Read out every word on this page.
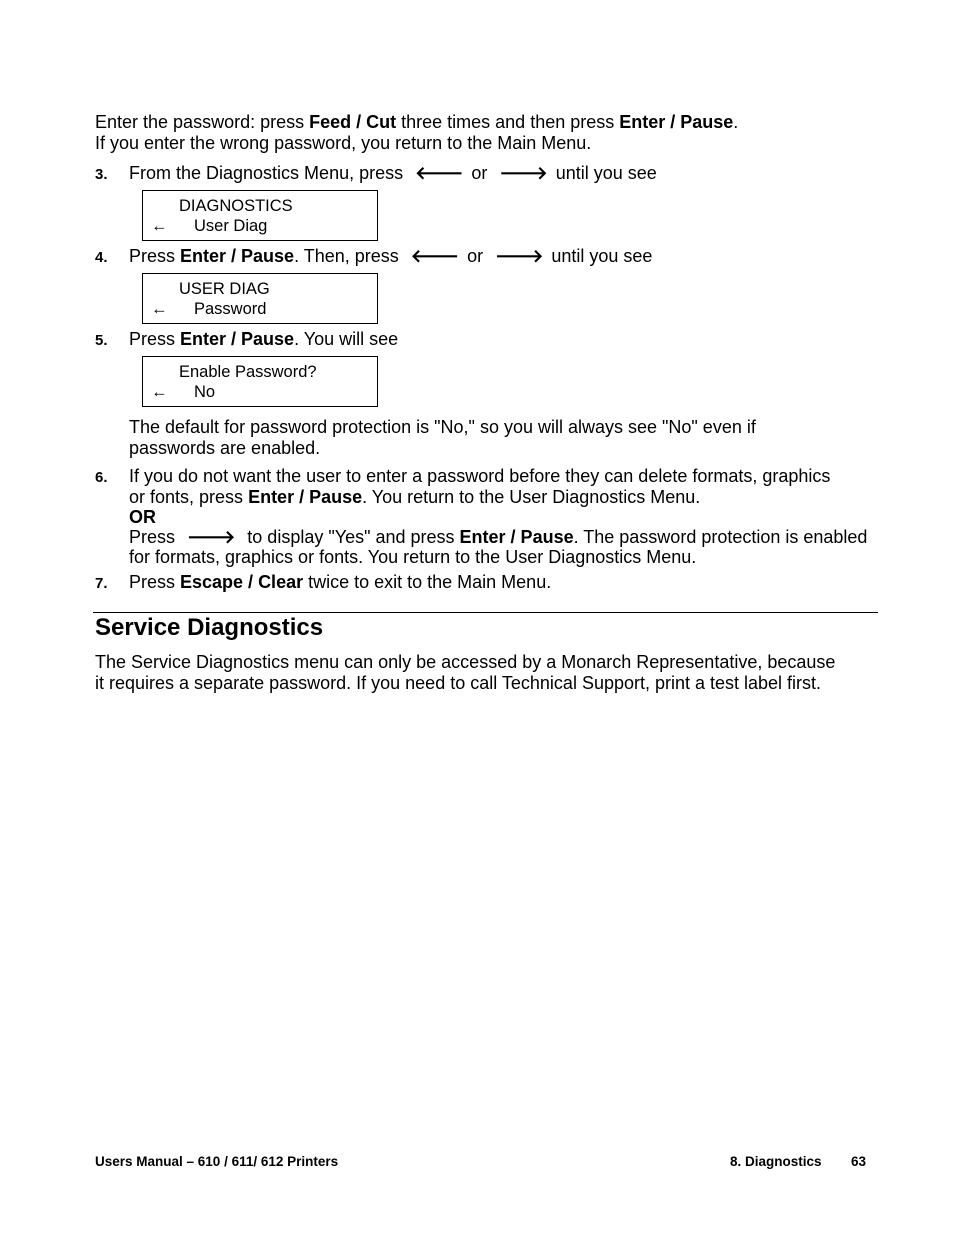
Enter the password: press Feed / Cut three times and then press Enter / Pause.
If you enter the wrong password, you return to the Main Menu.
3. From the Diagnostics Menu, press 🡐 or 🡒 until you see
DIAGNOSTICS
← User Diag
4. Press Enter / Pause. Then, press 🡐 or 🡒 until you see
USER DIAG
← Password
5. Press Enter / Pause. You will see
Enable Password?
← No
The default for password protection is "No," so you will always see "No" even if
passwords are enabled.
6. If you do not want the user to enter a password before they can delete formats, graphics
or fonts, press Enter / Pause. You return to the User Diagnostics Menu.
OR
Press 🡒 to display "Yes" and press Enter / Pause. The password protection is enabled
for formats, graphics or fonts. You return to the User Diagnostics Menu.
7. Press Escape / Clear twice to exit to the Main Menu.
Service Diagnostics
The Service Diagnostics menu can only be accessed by a Monarch Representative, because
it requires a separate password. If you need to call Technical Support, print a test label first.
Users Manual – 610 / 611/ 612 Printers	8. Diagnostics 63
